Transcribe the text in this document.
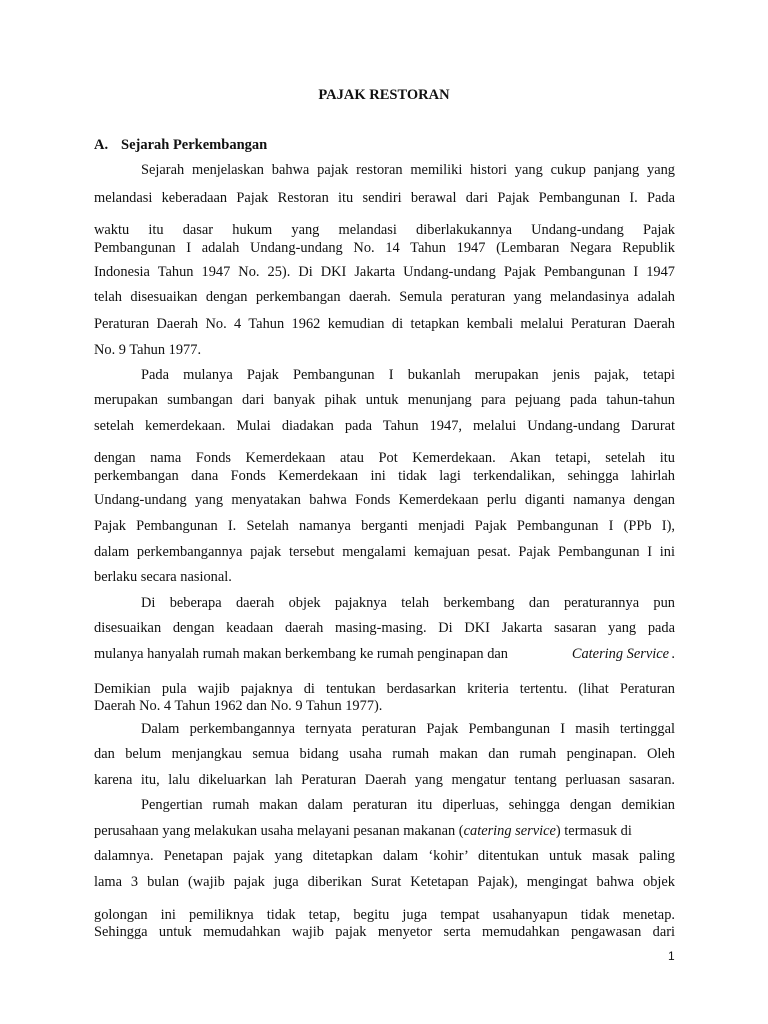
PAJAK RESTORAN
A. Sejarah Perkembangan
Sejarah menjelaskan bahwa pajak restoran memiliki histori yang cukup panjang yang
melandasi keberadaan Pajak Restoran itu sendiri berawal dari Pajak Pembangunan I. Pada
waktu itu dasar hukum yang melandasi diberlakukannya Undang-undang Pajak
Pembangunan I adalah Undang-undang No. 14 Tahun 1947 (Lembaran Negara Republik
Indonesia Tahun 1947 No. 25). Di DKI Jakarta Undang-undang Pajak Pembangunan I 1947
telah disesuaikan dengan perkembangan daerah. Semula peraturan yang melandasinya adalah
Peraturan Daerah No. 4 Tahun 1962 kemudian di tetapkan kembali melalui Peraturan Daerah
No. 9 Tahun 1977.
Pada mulanya Pajak Pembangunan I bukanlah merupakan jenis pajak, tetapi
merupakan sumbangan dari banyak pihak untuk menunjang para pejuang pada tahun-tahun
setelah kemerdekaan. Mulai diadakan pada Tahun 1947, melalui Undang-undang Darurat
dengan nama Fonds Kemerdekaan atau Pot Kemerdekaan. Akan tetapi, setelah itu
perkembangan dana Fonds Kemerdekaan ini tidak lagi terkendalikan, sehingga lahirlah
Undang-undang yang menyatakan bahwa Fonds Kemerdekaan perlu diganti namanya dengan
Pajak Pembangunan I. Setelah namanya berganti menjadi Pajak Pembangunan I (PPb I),
dalam perkembangannya pajak tersebut mengalami kemajuan pesat. Pajak Pembangunan I ini
berlaku secara nasional.
Di beberapa daerah objek pajaknya telah berkembang dan peraturannya pun
disesuaikan dengan keadaan daerah masing-masing. Di DKI Jakarta sasaran yang pada
mulanya hanyalah rumah makan berkembang ke rumah penginapan dan	Catering Service .
Demikian pula wajib pajaknya di tentukan berdasarkan kriteria tertentu. (lihat Peraturan
Daerah No. 4 Tahun 1962 dan No. 9 Tahun 1977).
Dalam perkembangannya ternyata peraturan Pajak Pembangunan I masih tertinggal
dan belum menjangkau semua bidang usaha rumah makan dan rumah penginapan. Oleh
karena itu, lalu dikeluarkan lah Peraturan Daerah yang mengatur tentang perluasan sasaran.
Pengertian rumah makan dalam peraturan itu diperluas, sehingga dengan demikian
perusahaan yang melakukan usaha melayani pesanan makanan (catering service) termasuk di
dalamnya. Penetapan pajak yang ditetapkan dalam ‘kohir’ ditentukan untuk masak paling
lama 3 bulan (wajib pajak juga diberikan Surat Ketetapan Pajak), mengingat bahwa objek
golongan ini pemiliknya tidak tetap, begitu juga tempat usahanyapun tidak menetap.
Sehingga untuk memudahkan wajib pajak menyetor serta memudahkan pengawasan dari
1
